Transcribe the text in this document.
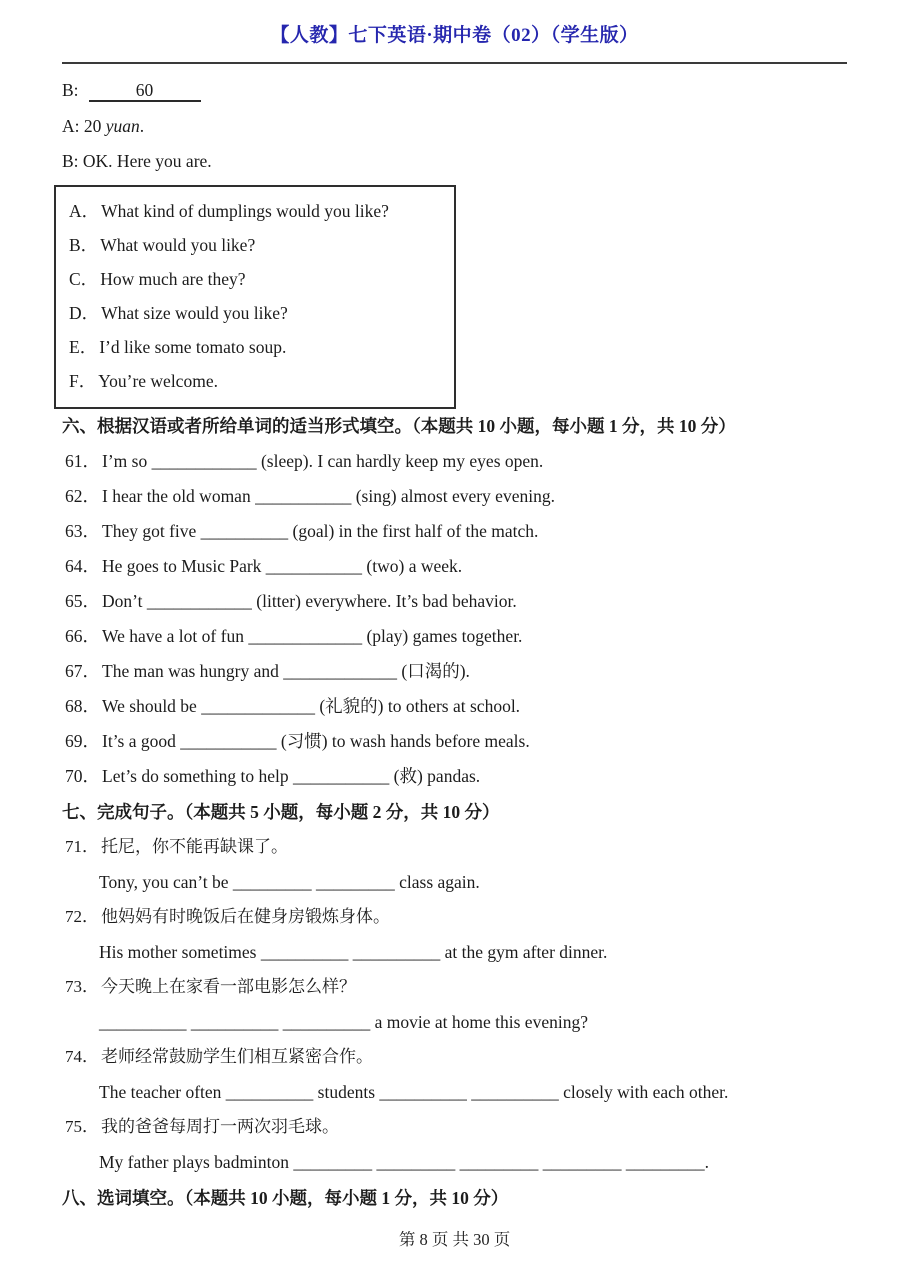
【人教】七下英语·期中卷（02）（学生版）
B:	60
A: 20 yuan.
B: OK. Here you are.
A． What kind of dumplings would you like?
B． What would you like?
C． How much are they?
D． What size would you like?
E． I’d like some tomato soup.
F． You’re welcome.
六、根据汉语或者所给单词的适当形式填空。（本题共 10 小题，每小题 1 分，共 10 分）
61． I’m so ____________ (sleep). I can hardly keep my eyes open.
62． I hear the old woman ___________ (sing) almost every evening.
63． They got five __________ (goal) in the first half of the match.
64． He goes to Music Park ___________ (two) a week.
65． Don’t ____________ (litter) everywhere. It’s bad behavior.
66． We have a lot of fun _____________ (play) games together.
67． The man was hungry and _____________ (口渴的).
68． We should be _____________ (礼貌的) to others at school.
69． It’s a good ___________ (习惯) to wash hands before meals.
70． Let’s do something to help ___________ (救) pandas.
七、完成句子。（本题共 5 小题，每小题 2 分，共 10 分）
71． 托尼，你不能再缺课了。
Tony, you can’t be _________ _________ class again.
72． 他妈妈有时晚饭后在健身房锻炼身体。
His mother sometimes __________ __________ at the gym after dinner.
73． 今天晚上在家看一部电影怎么样？
__________ __________ __________ a movie at home this evening?
74． 老师经常鼓励学生们相互紧密合作。
The teacher often __________ students __________ __________ closely with each other.
75． 我的爸爸每周打一两次羽毛球。
My father plays badminton _________ _________ _________ _________ _________.
八、选词填空。（本题共 10 小题，每小题 1 分，共 10 分）
第 8 页 共 30 页
